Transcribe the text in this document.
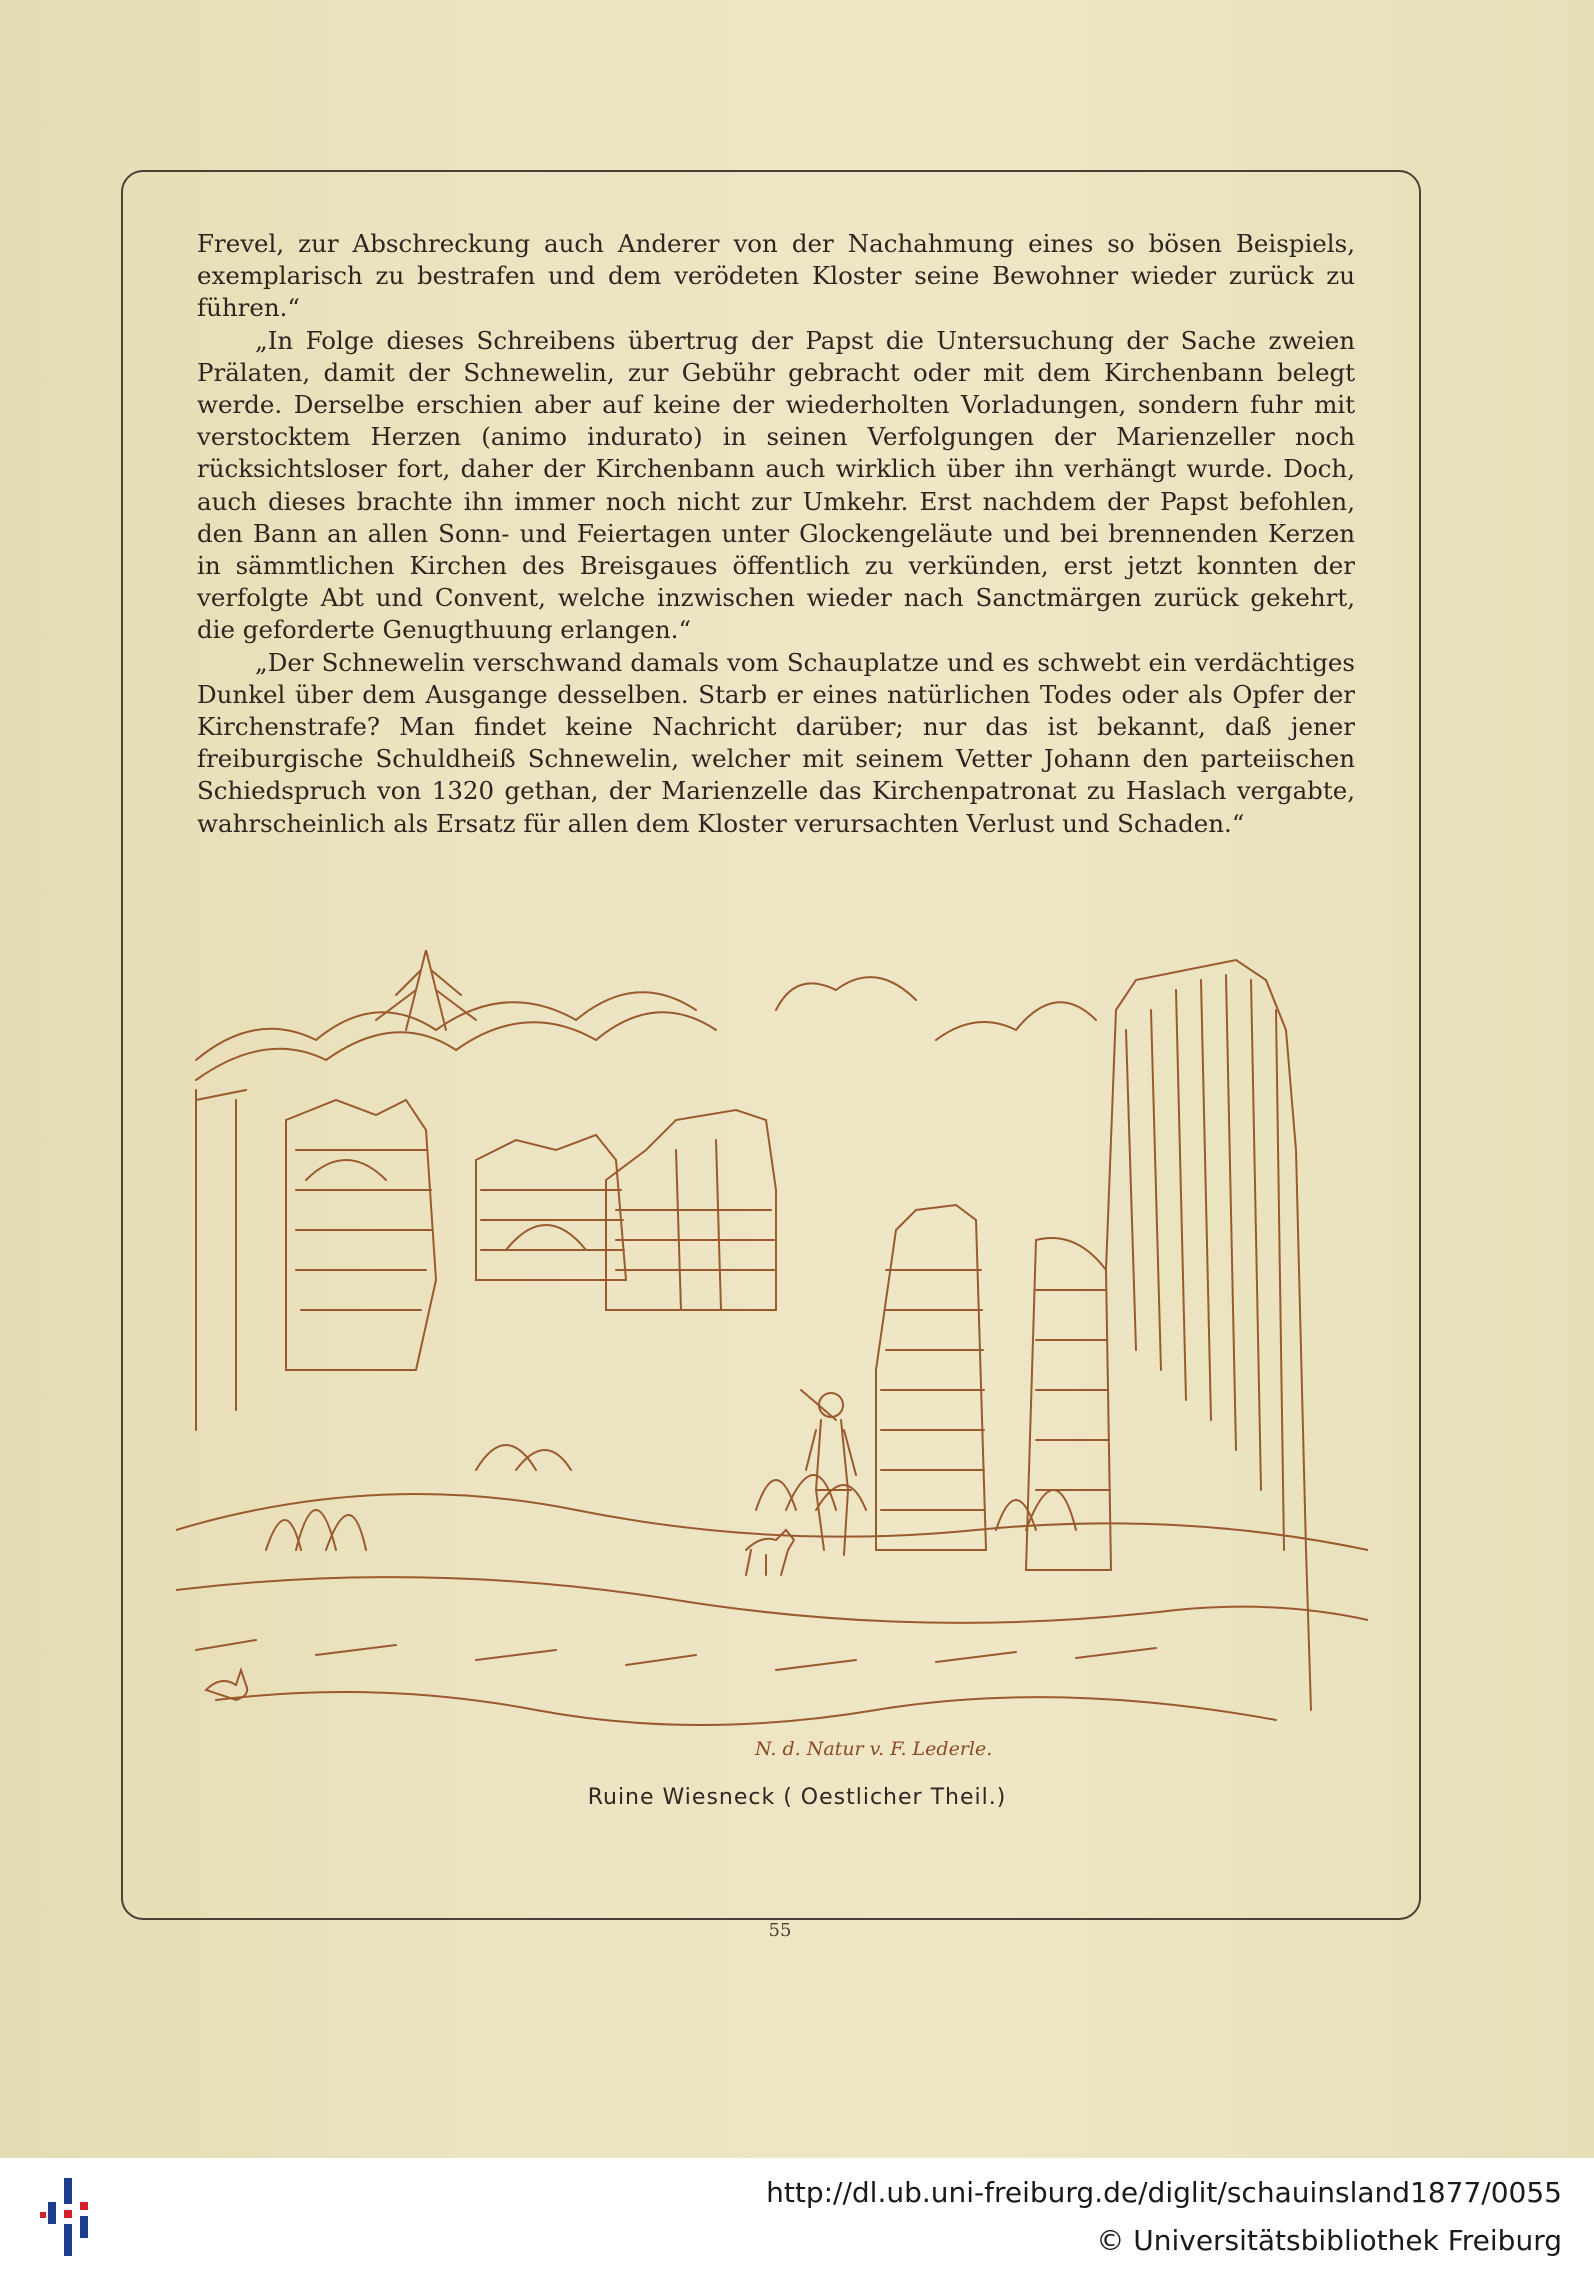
Frevel, zur Abschreckung auch Anderer von der Nachahmung eines so bösen Beispiels, exemplarisch zu bestrafen und dem verödeten Kloster seine Bewohner wieder zurück zu führen.“

„In Folge dieses Schreibens übertrug der Papst die Untersuchung der Sache zweien Prälaten, damit der Schnewelin, zur Gebühr gebracht oder mit dem Kirchenbann belegt werde. Derselbe erschien aber auf keine der wiederholten Vorladungen, sondern fuhr mit verstocktem Herzen (animo indurato) in seinen Verfolgungen der Marienzeller noch rücksichtsloser fort, daher der Kirchenbann auch wirklich über ihn verhängt wurde. Doch, auch dieses brachte ihn immer noch nicht zur Umkehr. Erst nachdem der Papst befohlen, den Bann an allen Sonn- und Feiertagen unter Glockengeläute und bei brennenden Kerzen in sämmtlichen Kirchen des Breisgaues öffentlich zu verkünden, erst jetzt konnten der verfolgte Abt und Convent, welche inzwischen wieder nach Sanctmärgen zurück gekehrt, die geforderte Genugthuung erlangen.“

„Der Schnewelin verschwand damals vom Schauplatze und es schwebt ein verdächtiges Dunkel über dem Ausgange desselben. Starb er eines natürlichen Todes oder als Opfer der Kirchenstrafe? Man findet keine Nachricht darüber; nur das ist bekannt, daß jener freiburgische Schuldheiß Schnewelin, welcher mit seinem Vetter Johann den parteiischen Schiedspruch von 1320 gethan, der Marienzelle das Kirchenpatronat zu Haslach vergabte, wahrscheinlich als Ersatz für allen dem Kloster verursachten Verlust und Schaden.“

N. d. Natur v. F. Lederle.
Ruine Wiesneck ( Oestlicher Theil.)
55
http://dl.ub.uni-freiburg.de/diglit/schauinsland1877/0055
© Universitätsbibliothek Freiburg
